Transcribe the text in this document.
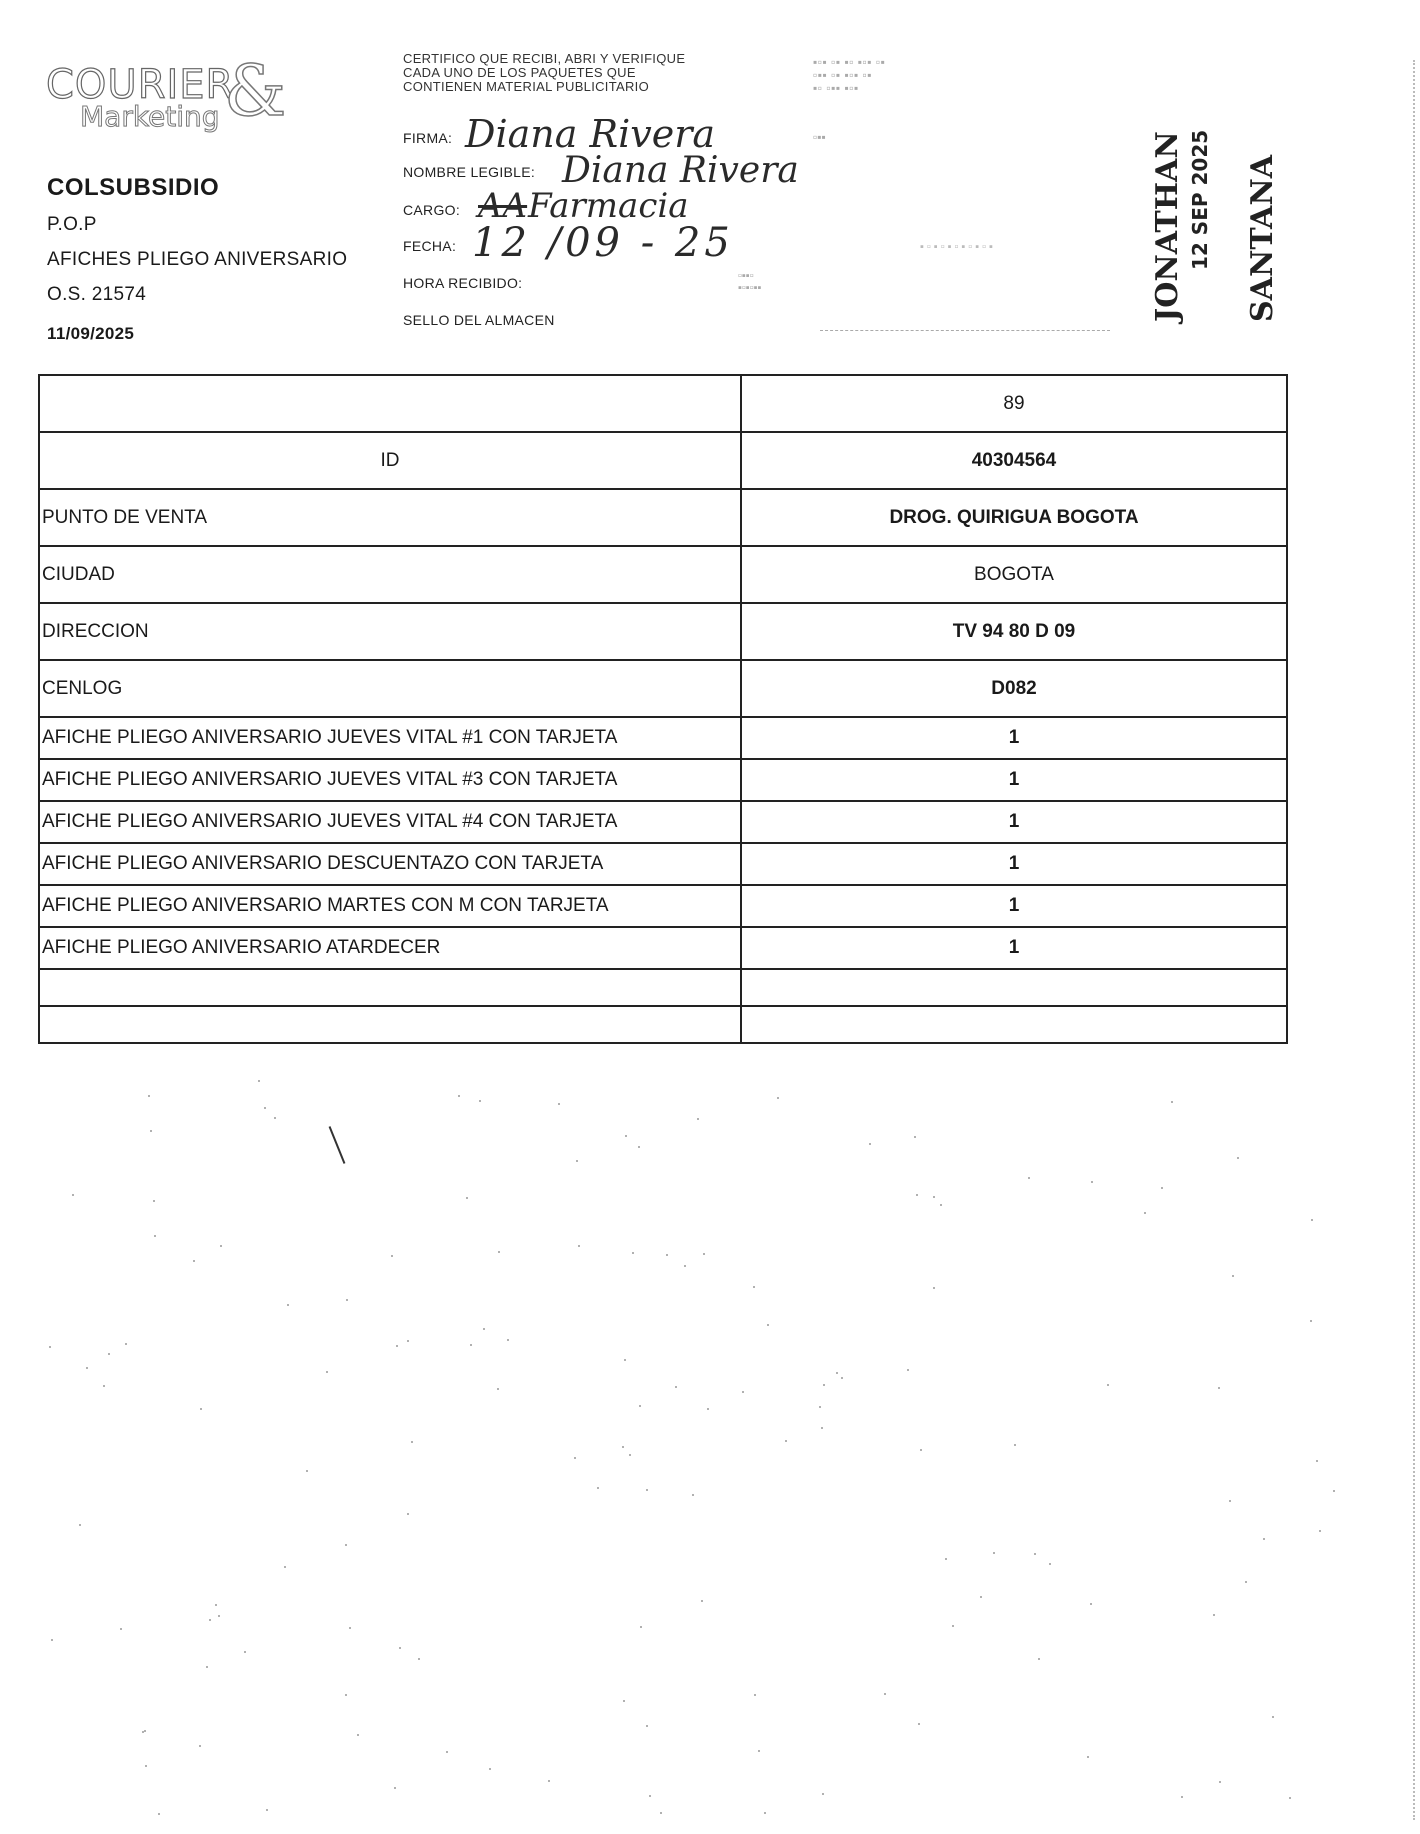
COURIER
Marketing &
COLSUBSIDIO
P.O.P
AFICHES PLIEGO ANIVERSARIO
O.S. 21574
11/09/2025
CERTIFICO QUE RECIBI, ABRI Y VERIFIQUE
CADA UNO DE LOS PAQUETES QUE
CONTIENEN MATERIAL PUBLICITARIO
FIRMA: Diana Rivera
NOMBRE LEGIBLE: Diana Rivera
CARGO: AA Farmacia
FECHA: 12 /09 - 25
HORA RECIBIDO:
SELLO DEL ALMACEN
▪▫▪ ▫▪ ▪▫ ▪▫▪ ▫▪
▫▪▪ ▫▪ ▪▫▪ ▫▪
▪▫ ▫▪▪ ▪▫▪
▫▪▪
▪▫▪▫▪▫▪▫▪▫▪
▫▪▪▫
▪▫▪▫▪▪	JONATHAN 12 SEP 2025 SANTANA
	89
ID	40304564
PUNTO DE VENTA	DROG. QUIRIGUA BOGOTA
CIUDAD	BOGOTA
DIRECCION	TV 94 80 D 09
CENLOG	D082
AFICHE PLIEGO ANIVERSARIO JUEVES VITAL #1 CON TARJETA	1
AFICHE PLIEGO ANIVERSARIO JUEVES VITAL #3 CON TARJETA	1
AFICHE PLIEGO ANIVERSARIO JUEVES VITAL #4 CON TARJETA	1
AFICHE PLIEGO ANIVERSARIO DESCUENTAZO CON TARJETA	1
AFICHE PLIEGO ANIVERSARIO MARTES CON M CON TARJETA	1
AFICHE PLIEGO ANIVERSARIO ATARDECER	1
